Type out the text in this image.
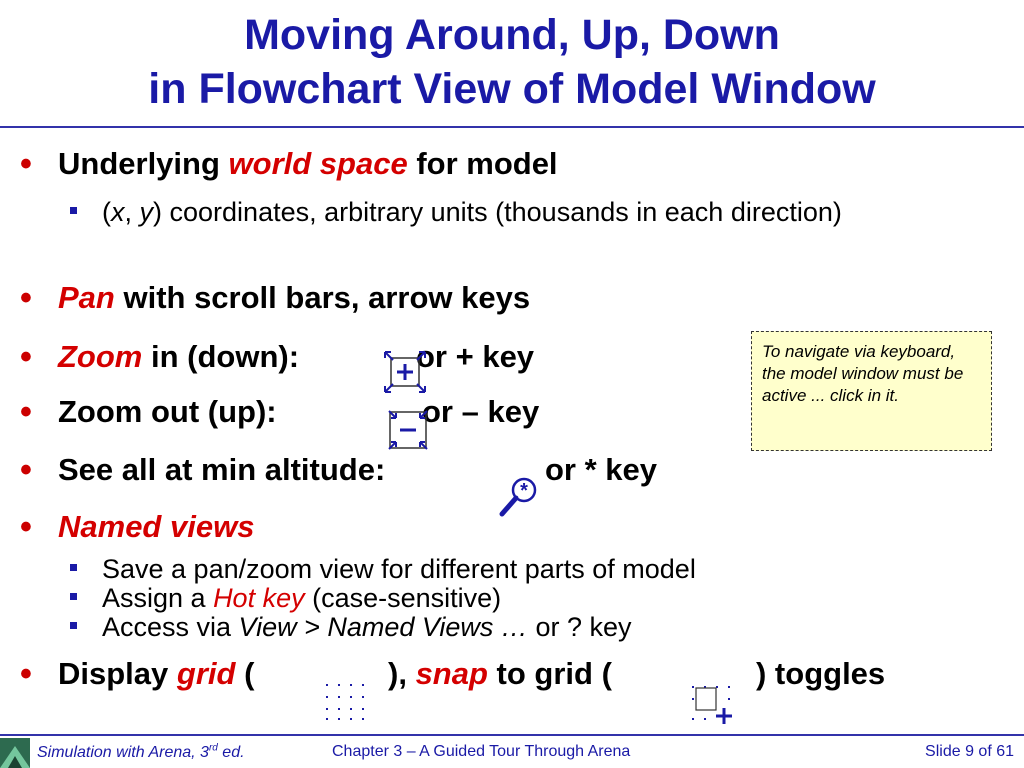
Moving Around, Up, Down
in Flowchart View of Model Window
• Underlying world space for model
(x, y) coordinates, arbitrary units (thousands in each direction)
• Pan with scroll bars, arrow keys
• Zoom in (down):	or + key
• Zoom out (up):	or – key
• See all at min altitude:	or * key
*
• Named views
Save a pan/zoom view for different parts of model
Assign a Hot key (case-sensitive)
Access via View > Named Views … or ? key
• Display grid (	), snap to grid (	) toggles
To navigate via keyboard, the model window must be active ... click in it.
Simulation with Arena, 3rd ed.	Chapter 3 – A Guided Tour Through Arena	Slide 9 of 61
